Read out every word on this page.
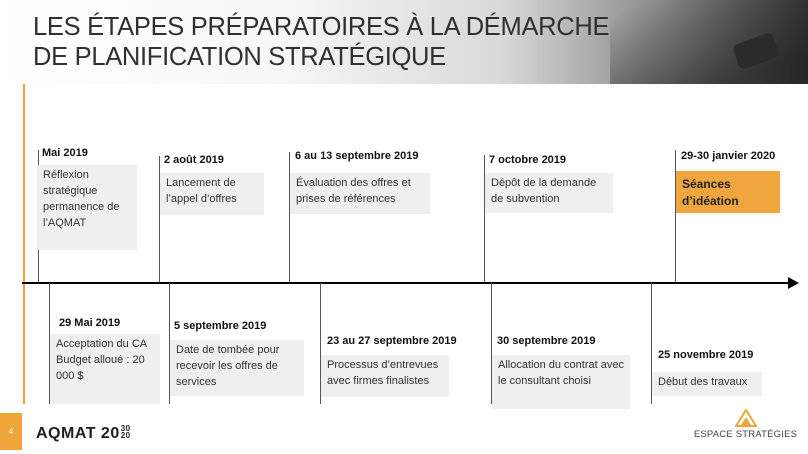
LES ÉTAPES PRÉPARATOIRES À LA DÉMARCHE
DE PLANIFICATION STRATÉGIQUE
Mai 2019
Réflexion stratégique permanence de l’AQMAT
2 août 2019
Lancement de l’appel d’offres
6 au 13 septembre 2019
Évaluation des offres et prises de références
7 octobre 2019
Dépôt de la demande de subvention
29-30 janvier 2020
Séances d’idéation
29 Mai 2019
Acceptation du CA Budget alloué : 20 000 $
5 septembre 2019
Date de tombée pour recevoir les offres de services
23 au 27 septembre 2019
Processus d’entrevues avec firmes finalistes
30 septembre 2019
Allocation du contrat avec le consultant choisi
25 novembre 2019
Début des travaux
4	AQMAT 2030
20	ESPACE STRATÉGIES
